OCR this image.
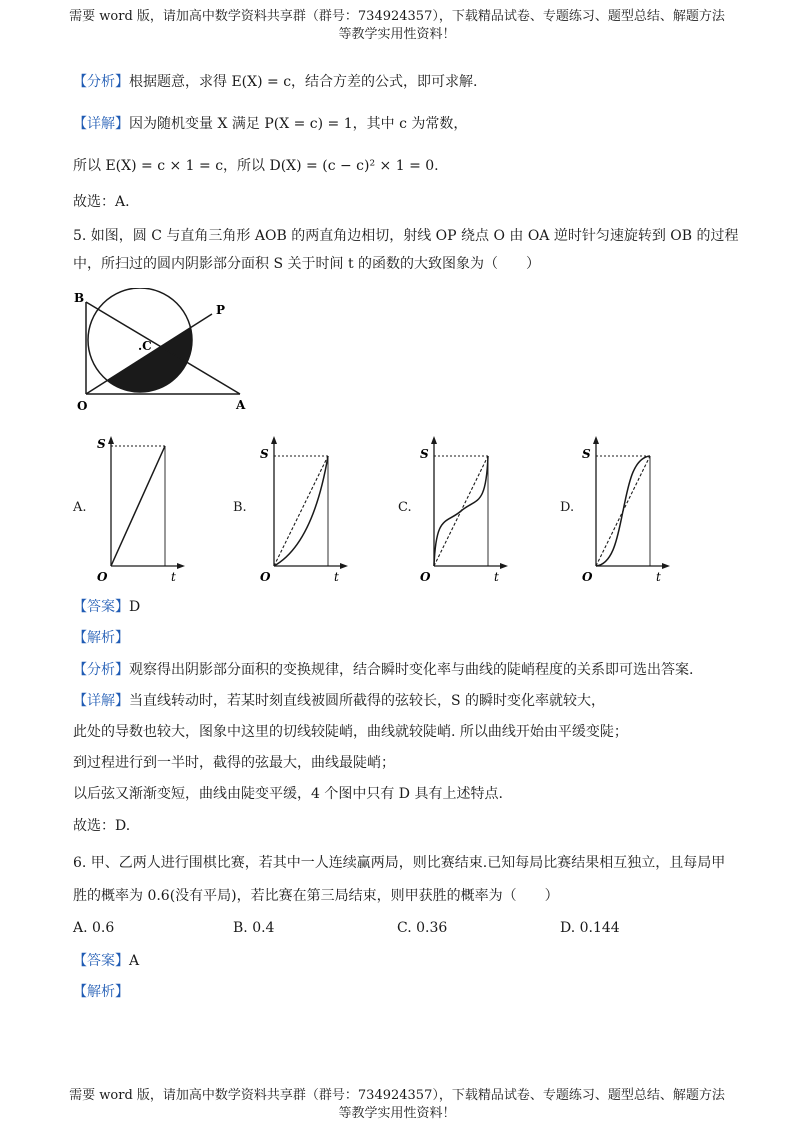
需要 word 版，请加高中数学资料共享群（群号：734924357），下载精品试卷、专题练习、题型总结、解题方法
等教学实用性资料！
【分析】根据题意，求得 E(X) = c，结合方差的公式，即可求解.
【详解】因为随机变量 X 满足 P(X = c) = 1，其中 c 为常数，
所以 E(X) = c × 1 = c，所以 D(X) = (c − c)² × 1 = 0.
故选：A.
5. 如图，圆 C 与直角三角形 AOB 的两直角边相切，射线 OP 绕点 O 由 OA 逆时针匀速旋转到 OB 的过程
中，所扫过的圆内阴影部分面积 S 关于时间 t 的函数的大致图象为（　　）
B
.C
P
O	A
A.
S
t
O
B.
S
t
O
C.
S
t
O
D.
S
t
O
【答案】D
【解析】
【分析】观察得出阴影部分面积的变换规律，结合瞬时变化率与曲线的陡峭程度的关系即可选出答案.
【详解】当直线转动时，若某时刻直线被圆所截得的弦较长，S 的瞬时变化率就较大，
此处的导数也较大，图象中这里的切线较陡峭，曲线就较陡峭. 所以曲线开始由平缓变陡；
到过程进行到一半时，截得的弦最大，曲线最陡峭；
以后弦又渐渐变短，曲线由陡变平缓，4 个图中只有 D 具有上述特点.
故选：D.
6. 甲、乙两人进行围棋比赛，若其中一人连续赢两局，则比赛结束.已知每局比赛结果相互独立，且每局甲
胜的概率为 0.6(没有平局)，若比赛在第三局结束，则甲获胜的概率为（　　）
A. 0.6	B. 0.4	C. 0.36	D. 0.144
【答案】A
【解析】
需要 word 版，请加高中数学资料共享群（群号：734924357），下载精品试卷、专题练习、题型总结、解题方法
等教学实用性资料！
